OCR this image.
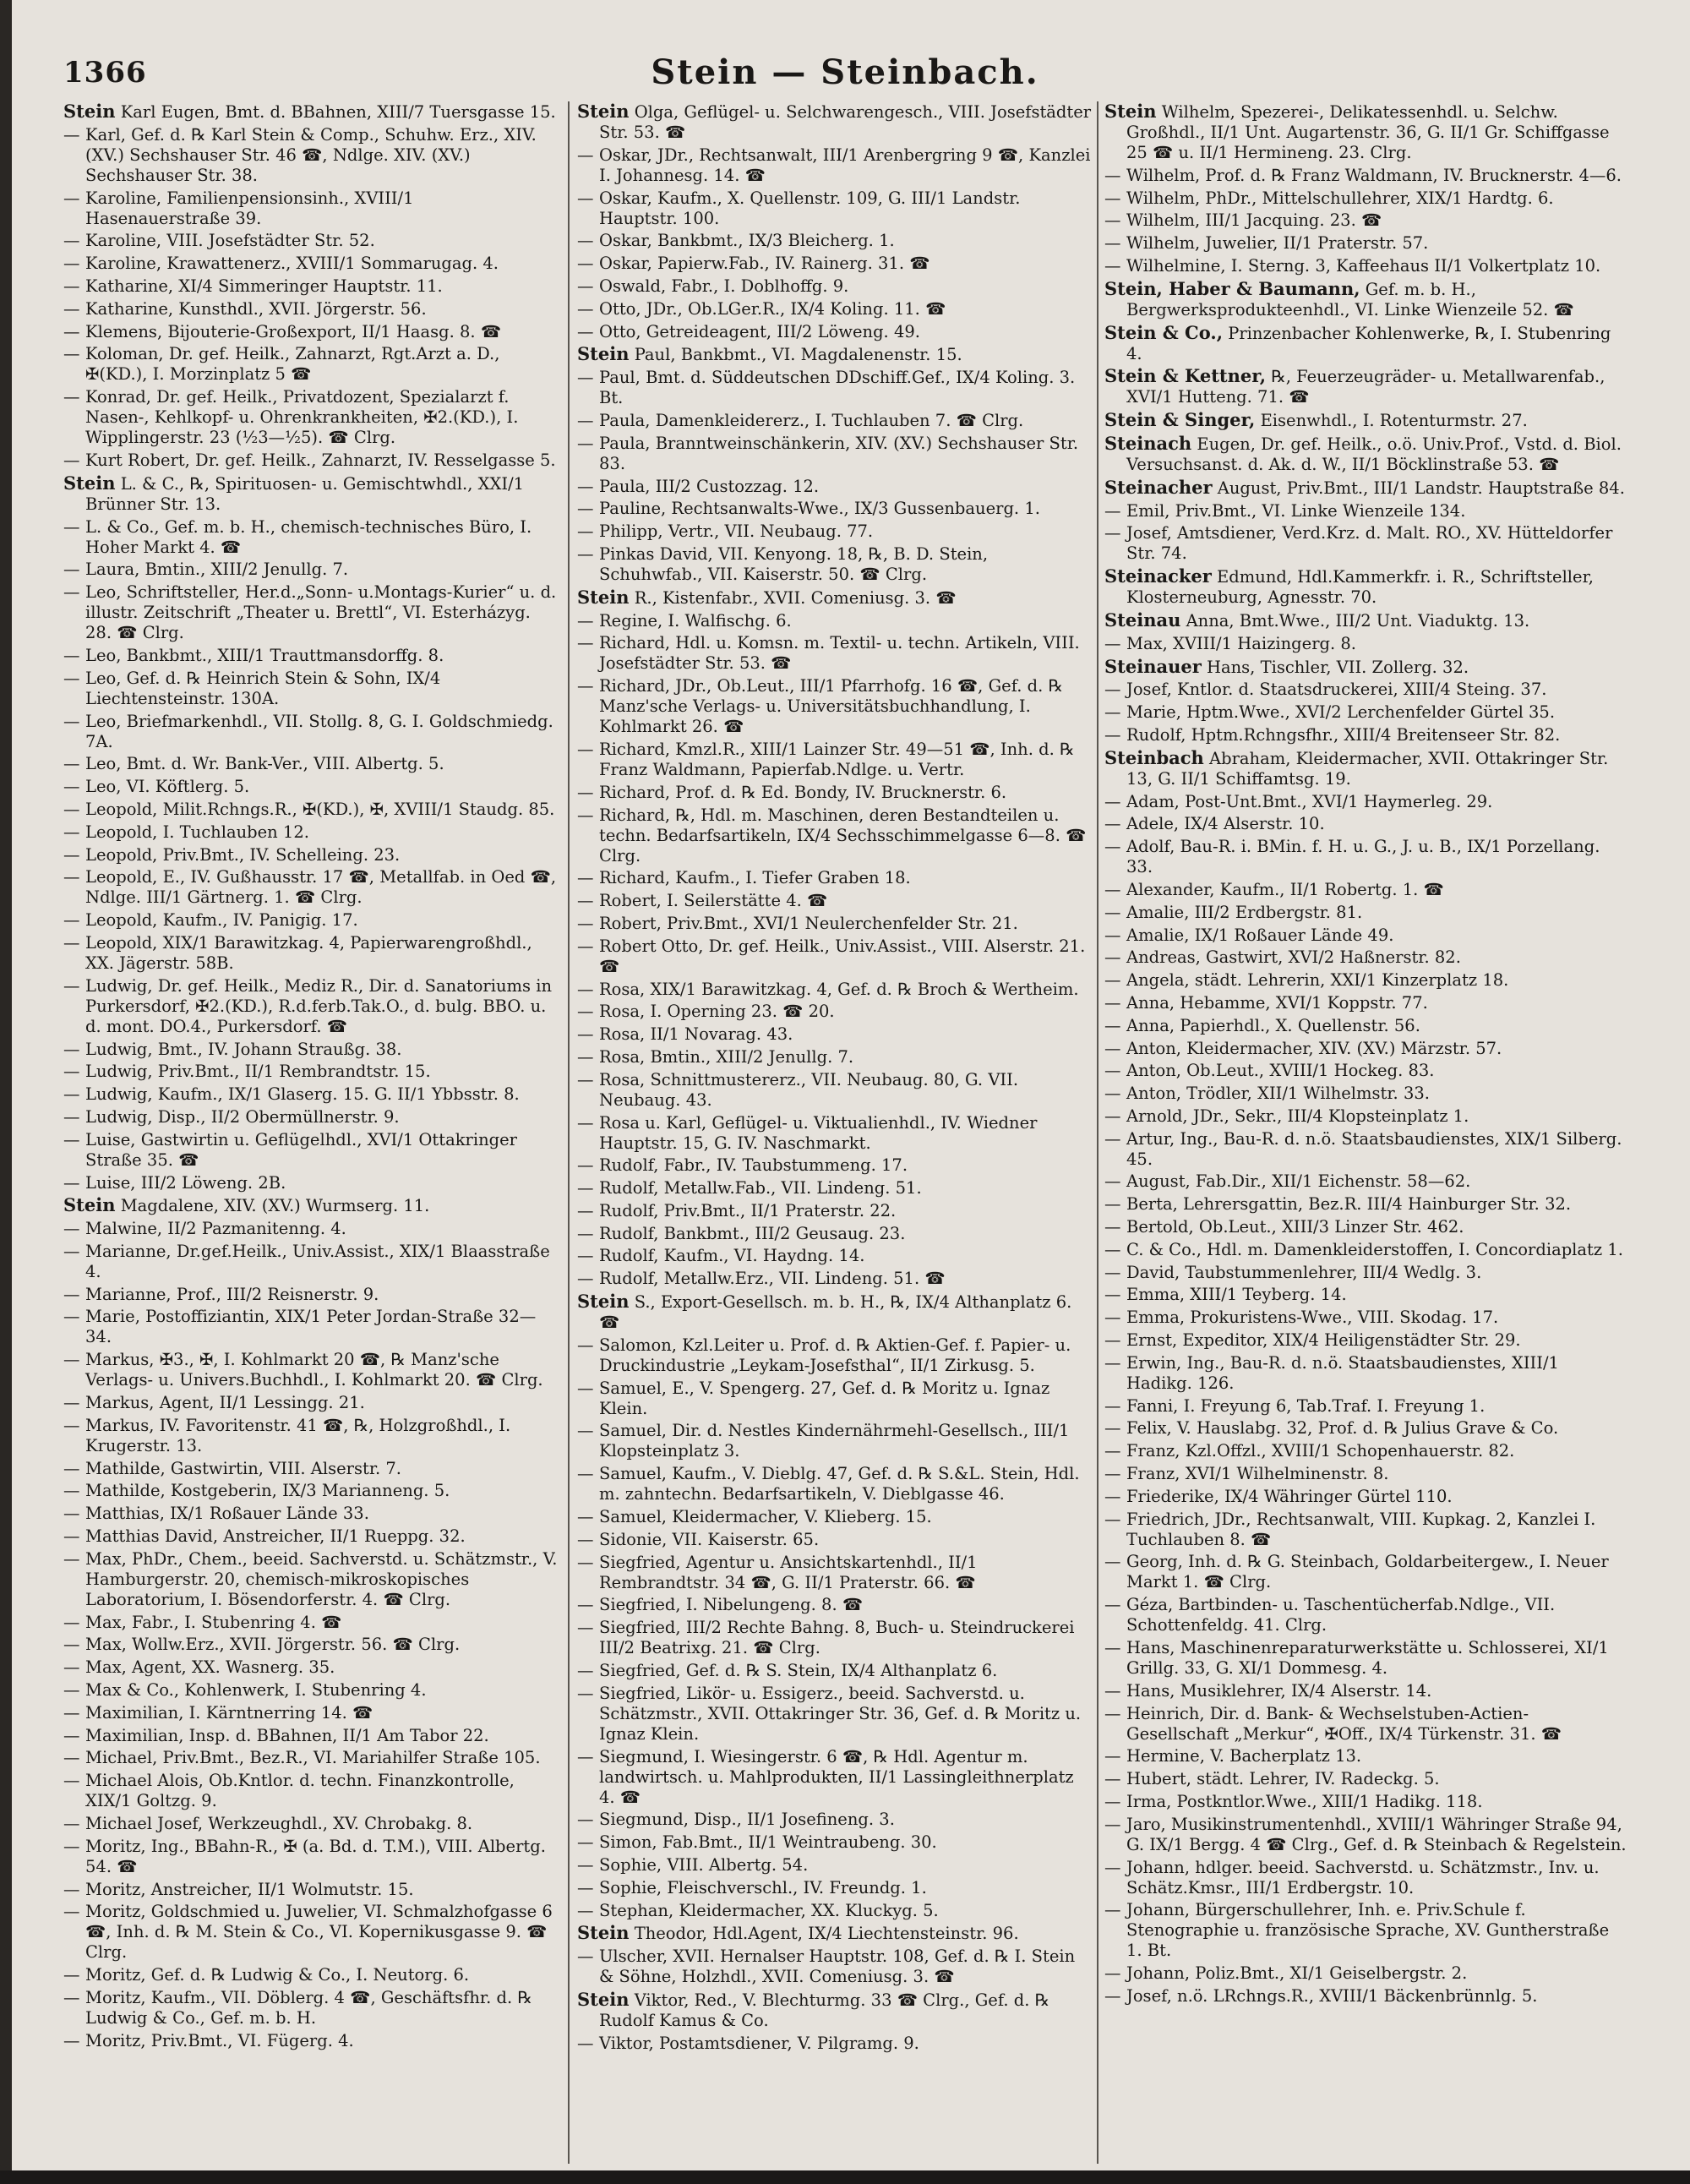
1366	Stein — Steinbach.
Stein Karl Eugen, Bmt. d. BBahnen, XIII/7 Tuersgasse 15.
— Karl, Gef. d. ℞ Karl Stein & Comp., Schuhw. Erz., XIV. (XV.) Sechshauser Str. 46 ☎, Ndlge. XIV. (XV.) Sechshauser Str. 38.
— Karoline, Familienpensionsinh., XVIII/1 Hasenauerstraße 39.
— Karoline, VIII. Josefstädter Str. 52.
— Karoline, Krawattenerz., XVIII/1 Sommarugag. 4.
— Katharine, XI/4 Simmeringer Hauptstr. 11.
— Katharine, Kunsthdl., XVII. Jörgerstr. 56.
— Klemens, Bijouterie-Großexport, II/1 Haasg. 8. ☎
— Koloman, Dr. gef. Heilk., Zahnarzt, Rgt.Arzt a. D., ✠(KD.), I. Morzinplatz 5 ☎
— Konrad, Dr. gef. Heilk., Privatdozent, Spezialarzt f. Nasen-, Kehlkopf- u. Ohrenkrankheiten, ✠2.(KD.), I. Wipplingerstr. 23 (½3—½5). ☎ Clrg.
— Kurt Robert, Dr. gef. Heilk., Zahnarzt, IV. Resselgasse 5.
Stein L. & C., ℞, Spirituosen- u. Gemischtwhdl., XXI/1 Brünner Str. 13.
— L. & Co., Gef. m. b. H., chemisch-technisches Büro, I. Hoher Markt 4. ☎
— Laura, Bmtin., XIII/2 Jenullg. 7.
— Leo, Schriftsteller, Her.d.„Sonn- u.Montags-Kurier“ u. d. illustr. Zeitschrift „Theater u. Brettl“, VI. Esterházyg. 28. ☎ Clrg.
— Leo, Bankbmt., XIII/1 Trauttmansdorffg. 8.
— Leo, Gef. d. ℞ Heinrich Stein & Sohn, IX/4 Liechtensteinstr. 130A.
— Leo, Briefmarkenhdl., VII. Stollg. 8, G. I. Goldschmiedg. 7A.
— Leo, Bmt. d. Wr. Bank-Ver., VIII. Albertg. 5.
— Leo, VI. Köftlerg. 5.
— Leopold, Milit.Rchngs.R., ✠(KD.), ✠, XVIII/1 Staudg. 85.
— Leopold, I. Tuchlauben 12.
— Leopold, Priv.Bmt., IV. Schelleing. 23.
— Leopold, E., IV. Gußhausstr. 17 ☎, Metallfab. in Oed ☎, Ndlge. III/1 Gärtnerg. 1. ☎ Clrg.
— Leopold, Kaufm., IV. Panigig. 17.
— Leopold, XIX/1 Barawitzkag. 4, Papierwarengroßhdl., XX. Jägerstr. 58B.
— Ludwig, Dr. gef. Heilk., Mediz R., Dir. d. Sanatoriums in Purkersdorf, ✠2.(KD.), R.d.ferb.Tak.O., d. bulg. BBO. u. d. mont. DO.4., Purkersdorf. ☎
— Ludwig, Bmt., IV. Johann Straußg. 38.
— Ludwig, Priv.Bmt., II/1 Rembrandtstr. 15.
— Ludwig, Kaufm., IX/1 Glaserg. 15. G. II/1 Ybbsstr. 8.
— Ludwig, Disp., II/2 Obermüllnerstr. 9.
— Luise, Gastwirtin u. Geflügelhdl., XVI/1 Ottakringer Straße 35. ☎
— Luise, III/2 Löweng. 2B.
Stein Magdalene, XIV. (XV.) Wurmserg. 11.
— Malwine, II/2 Pazmanitenng. 4.
— Marianne, Dr.gef.Heilk., Univ.Assist., XIX/1 Blaasstraße 4.
— Marianne, Prof., III/2 Reisnerstr. 9.
— Marie, Postoffiziantin, XIX/1 Peter Jordan-Straße 32—34.
— Markus, ✠3., ✠, I. Kohlmarkt 20 ☎, ℞ Manz'sche Verlags- u. Univers.Buchhdl., I. Kohlmarkt 20. ☎ Clrg.
— Markus, Agent, II/1 Lessingg. 21.
— Markus, IV. Favoritenstr. 41 ☎, ℞, Holzgroßhdl., I. Krugerstr. 13.
— Mathilde, Gastwirtin, VIII. Alserstr. 7.
— Mathilde, Kostgeberin, IX/3 Marianneng. 5.
— Matthias, IX/1 Roßauer Lände 33.
— Matthias David, Anstreicher, II/1 Rueppg. 32.
— Max, PhDr., Chem., beeid. Sachverstd. u. Schätzmstr., V. Hamburgerstr. 20, chemisch-mikroskopisches Laboratorium, I. Bösendorferstr. 4. ☎ Clrg.
— Max, Fabr., I. Stubenring 4. ☎
— Max, Wollw.Erz., XVII. Jörgerstr. 56. ☎ Clrg.
— Max, Agent, XX. Wasnerg. 35.
— Max & Co., Kohlenwerk, I. Stubenring 4.
— Maximilian, I. Kärntnerring 14. ☎
— Maximilian, Insp. d. BBahnen, II/1 Am Tabor 22.
— Michael, Priv.Bmt., Bez.R., VI. Mariahilfer Straße 105.
— Michael Alois, Ob.Kntlor. d. techn. Finanzkontrolle, XIX/1 Goltzg. 9.
— Michael Josef, Werkzeughdl., XV. Chrobakg. 8.
— Moritz, Ing., BBahn-R., ✠ (a. Bd. d. T.M.), VIII. Albertg. 54. ☎
— Moritz, Anstreicher, II/1 Wolmutstr. 15.
— Moritz, Goldschmied u. Juwelier, VI. Schmalzhofgasse 6 ☎, Inh. d. ℞ M. Stein & Co., VI. Kopernikusgasse 9. ☎ Clrg.
— Moritz, Gef. d. ℞ Ludwig & Co., I. Neutorg. 6.
— Moritz, Kaufm., VII. Döblerg. 4 ☎, Geschäftsfhr. d. ℞ Ludwig & Co., Gef. m. b. H.
— Moritz, Priv.Bmt., VI. Fügerg. 4.
Stein Olga, Geflügel- u. Selchwarengesch., VIII. Josefstädter Str. 53. ☎
— Oskar, JDr., Rechtsanwalt, III/1 Arenbergring 9 ☎, Kanzlei I. Johannesg. 14. ☎
— Oskar, Kaufm., X. Quellenstr. 109, G. III/1 Landstr. Hauptstr. 100.
— Oskar, Bankbmt., IX/3 Bleicherg. 1.
— Oskar, Papierw.Fab., IV. Rainerg. 31. ☎
— Oswald, Fabr., I. Doblhoffg. 9.
— Otto, JDr., Ob.LGer.R., IX/4 Koling. 11. ☎
— Otto, Getreideagent, III/2 Löweng. 49.
Stein Paul, Bankbmt., VI. Magdalenenstr. 15.
— Paul, Bmt. d. Süddeutschen DDschiff.Gef., IX/4 Koling. 3. Bt.
— Paula, Damenkleidererz., I. Tuchlauben 7. ☎ Clrg.
— Paula, Branntweinschänkerin, XIV. (XV.) Sechshauser Str. 83.
— Paula, III/2 Custozzag. 12.
— Pauline, Rechtsanwalts-Wwe., IX/3 Gussenbauerg. 1.
— Philipp, Vertr., VII. Neubaug. 77.
— Pinkas David, VII. Kenyong. 18, ℞, B. D. Stein, Schuhwfab., VII. Kaiserstr. 50. ☎ Clrg.
Stein R., Kistenfabr., XVII. Comeniusg. 3. ☎
— Regine, I. Walfischg. 6.
— Richard, Hdl. u. Komsn. m. Textil- u. techn. Artikeln, VIII. Josefstädter Str. 53. ☎
— Richard, JDr., Ob.Leut., III/1 Pfarrhofg. 16 ☎, Gef. d. ℞ Manz'sche Verlags- u. Universitätsbuchhandlung, I. Kohlmarkt 26. ☎
— Richard, Kmzl.R., XIII/1 Lainzer Str. 49—51 ☎, Inh. d. ℞ Franz Waldmann, Papierfab.Ndlge. u. Vertr.
— Richard, Prof. d. ℞ Ed. Bondy, IV. Brucknerstr. 6.
— Richard, ℞, Hdl. m. Maschinen, deren Bestandteilen u. techn. Bedarfsartikeln, IX/4 Sechsschimmelgasse 6—8. ☎ Clrg.
— Richard, Kaufm., I. Tiefer Graben 18.
— Robert, I. Seilerstätte 4. ☎
— Robert, Priv.Bmt., XVI/1 Neulerchenfelder Str. 21.
— Robert Otto, Dr. gef. Heilk., Univ.Assist., VIII. Alserstr. 21. ☎
— Rosa, XIX/1 Barawitzkag. 4, Gef. d. ℞ Broch & Wertheim.
— Rosa, I. Operning 23. ☎ 20.
— Rosa, II/1 Novarag. 43.
— Rosa, Bmtin., XIII/2 Jenullg. 7.
— Rosa, Schnittmustererz., VII. Neubaug. 80, G. VII. Neubaug. 43.
— Rosa u. Karl, Geflügel- u. Viktualienhdl., IV. Wiedner Hauptstr. 15, G. IV. Naschmarkt.
— Rudolf, Fabr., IV. Taubstummeng. 17.
— Rudolf, Metallw.Fab., VII. Lindeng. 51.
— Rudolf, Priv.Bmt., II/1 Praterstr. 22.
— Rudolf, Bankbmt., III/2 Geusaug. 23.
— Rudolf, Kaufm., VI. Haydng. 14.
— Rudolf, Metallw.Erz., VII. Lindeng. 51. ☎
Stein S., Export-Gesellsch. m. b. H., ℞, IX/4 Althanplatz 6. ☎
— Salomon, Kzl.Leiter u. Prof. d. ℞ Aktien-Gef. f. Papier- u. Druckindustrie „Leykam-Josefsthal“, II/1 Zirkusg. 5.
— Samuel, E., V. Spengerg. 27, Gef. d. ℞ Moritz u. Ignaz Klein.
— Samuel, Dir. d. Nestles Kindernährmehl-Gesellsch., III/1 Klopsteinplatz 3.
— Samuel, Kaufm., V. Dieblg. 47, Gef. d. ℞ S.&L. Stein, Hdl. m. zahntechn. Bedarfsartikeln, V. Dieblgasse 46.
— Samuel, Kleidermacher, V. Klieberg. 15.
— Sidonie, VII. Kaiserstr. 65.
— Siegfried, Agentur u. Ansichtskartenhdl., II/1 Rembrandtstr. 34 ☎, G. II/1 Praterstr. 66. ☎
— Siegfried, I. Nibelungeng. 8. ☎
— Siegfried, III/2 Rechte Bahng. 8, Buch- u. Steindruckerei III/2 Beatrixg. 21. ☎ Clrg.
— Siegfried, Gef. d. ℞ S. Stein, IX/4 Althanplatz 6.
— Siegfried, Likör- u. Essigerz., beeid. Sachverstd. u. Schätzmstr., XVII. Ottakringer Str. 36, Gef. d. ℞ Moritz u. Ignaz Klein.
— Siegmund, I. Wiesingerstr. 6 ☎, ℞ Hdl. Agentur m. landwirtsch. u. Mahlprodukten, II/1 Lassingleithnerplatz 4. ☎
— Siegmund, Disp., II/1 Josefineng. 3.
— Simon, Fab.Bmt., II/1 Weintraubeng. 30.
— Sophie, VIII. Albertg. 54.
— Sophie, Fleischverschl., IV. Freundg. 1.
— Stephan, Kleidermacher, XX. Kluckyg. 5.
Stein Theodor, Hdl.Agent, IX/4 Liechtensteinstr. 96.
— Ulscher, XVII. Hernalser Hauptstr. 108, Gef. d. ℞ I. Stein & Söhne, Holzhdl., XVII. Comeniusg. 3. ☎
Stein Viktor, Red., V. Blechturmg. 33 ☎ Clrg., Gef. d. ℞ Rudolf Kamus & Co.
— Viktor, Postamtsdiener, V. Pilgramg. 9.
Stein Wilhelm, Spezerei-, Delikatessenhdl. u. Selchw. Großhdl., II/1 Unt. Augartenstr. 36, G. II/1 Gr. Schiffgasse 25 ☎ u. II/1 Hermineng. 23. Clrg.
— Wilhelm, Prof. d. ℞ Franz Waldmann, IV. Brucknerstr. 4—6.
— Wilhelm, PhDr., Mittelschullehrer, XIX/1 Hardtg. 6.
— Wilhelm, III/1 Jacquing. 23. ☎
— Wilhelm, Juwelier, II/1 Praterstr. 57.
— Wilhelmine, I. Sterng. 3, Kaffeehaus II/1 Volkertplatz 10.
Stein, Haber & Baumann, Gef. m. b. H., Bergwerksprodukteenhdl., VI. Linke Wienzeile 52. ☎
Stein & Co., Prinzenbacher Kohlenwerke, ℞, I. Stubenring 4.
Stein & Kettner, ℞, Feuerzeugräder- u. Metallwarenfab., XVI/1 Hutteng. 71. ☎
Stein & Singer, Eisenwhdl., I. Rotenturmstr. 27.
Steinach Eugen, Dr. gef. Heilk., o.ö. Univ.Prof., Vstd. d. Biol. Versuchsanst. d. Ak. d. W., II/1 Böcklinstraße 53. ☎
Steinacher August, Priv.Bmt., III/1 Landstr. Hauptstraße 84.
— Emil, Priv.Bmt., VI. Linke Wienzeile 134.
— Josef, Amtsdiener, Verd.Krz. d. Malt. RO., XV. Hütteldorfer Str. 74.
Steinacker Edmund, Hdl.Kammerkfr. i. R., Schriftsteller, Klosterneuburg, Agnesstr. 70.
Steinau Anna, Bmt.Wwe., III/2 Unt. Viaduktg. 13.
— Max, XVIII/1 Haizingerg. 8.
Steinauer Hans, Tischler, VII. Zollerg. 32.
— Josef, Kntlor. d. Staatsdruckerei, XIII/4 Steing. 37.
— Marie, Hptm.Wwe., XVI/2 Lerchenfelder Gürtel 35.
— Rudolf, Hptm.Rchngsfhr., XIII/4 Breitenseer Str. 82.
Steinbach Abraham, Kleidermacher, XVII. Ottakringer Str. 13, G. II/1 Schiffamtsg. 19.
— Adam, Post-Unt.Bmt., XVI/1 Haymerleg. 29.
— Adele, IX/4 Alserstr. 10.
— Adolf, Bau-R. i. BMin. f. H. u. G., J. u. B., IX/1 Porzellang. 33.
— Alexander, Kaufm., II/1 Robertg. 1. ☎
— Amalie, III/2 Erdbergstr. 81.
— Amalie, IX/1 Roßauer Lände 49.
— Andreas, Gastwirt, XVI/2 Haßnerstr. 82.
— Angela, städt. Lehrerin, XXI/1 Kinzerplatz 18.
— Anna, Hebamme, XVI/1 Koppstr. 77.
— Anna, Papierhdl., X. Quellenstr. 56.
— Anton, Kleidermacher, XIV. (XV.) Märzstr. 57.
— Anton, Ob.Leut., XVIII/1 Hockeg. 83.
— Anton, Trödler, XII/1 Wilhelmstr. 33.
— Arnold, JDr., Sekr., III/4 Klopsteinplatz 1.
— Artur, Ing., Bau-R. d. n.ö. Staatsbaudienstes, XIX/1 Silberg. 45.
— August, Fab.Dir., XII/1 Eichenstr. 58—62.
— Berta, Lehrersgattin, Bez.R. III/4 Hainburger Str. 32.
— Bertold, Ob.Leut., XIII/3 Linzer Str. 462.
— C. & Co., Hdl. m. Damenkleiderstoffen, I. Concordiaplatz 1.
— David, Taubstummenlehrer, III/4 Wedlg. 3.
— Emma, XIII/1 Teyberg. 14.
— Emma, Prokuristens-Wwe., VIII. Skodag. 17.
— Ernst, Expeditor, XIX/4 Heiligenstädter Str. 29.
— Erwin, Ing., Bau-R. d. n.ö. Staatsbaudienstes, XIII/1 Hadikg. 126.
— Fanni, I. Freyung 6, Tab.Traf. I. Freyung 1.
— Felix, V. Hauslabg. 32, Prof. d. ℞ Julius Grave & Co.
— Franz, Kzl.Offzl., XVIII/1 Schopenhauerstr. 82.
— Franz, XVI/1 Wilhelminenstr. 8.
— Friederike, IX/4 Währinger Gürtel 110.
— Friedrich, JDr., Rechtsanwalt, VIII. Kupkag. 2, Kanzlei I. Tuchlauben 8. ☎
— Georg, Inh. d. ℞ G. Steinbach, Goldarbeitergew., I. Neuer Markt 1. ☎ Clrg.
— Géza, Bartbinden- u. Taschentücherfab.Ndlge., VII. Schottenfeldg. 41. Clrg.
— Hans, Maschinenreparaturwerkstätte u. Schlosserei, XI/1 Grillg. 33, G. XI/1 Dommesg. 4.
— Hans, Musiklehrer, IX/4 Alserstr. 14.
— Heinrich, Dir. d. Bank- & Wechselstuben-Actien-Gesellschaft „Merkur“, ✠Off., IX/4 Türkenstr. 31. ☎
— Hermine, V. Bacherplatz 13.
— Hubert, städt. Lehrer, IV. Radeckg. 5.
— Irma, Postkntlor.Wwe., XIII/1 Hadikg. 118.
— Jaro, Musikinstrumentenhdl., XVIII/1 Währinger Straße 94, G. IX/1 Bergg. 4 ☎ Clrg., Gef. d. ℞ Steinbach & Regelstein.
— Johann, hdlger. beeid. Sachverstd. u. Schätzmstr., Inv. u. Schätz.Kmsr., III/1 Erdbergstr. 10.
— Johann, Bürgerschullehrer, Inh. e. Priv.Schule f. Stenographie u. französische Sprache, XV. Guntherstraße 1. Bt.
— Johann, Poliz.Bmt., XI/1 Geiselbergstr. 2.
— Josef, n.ö. LRchngs.R., XVIII/1 Bäckenbrünnlg. 5.
